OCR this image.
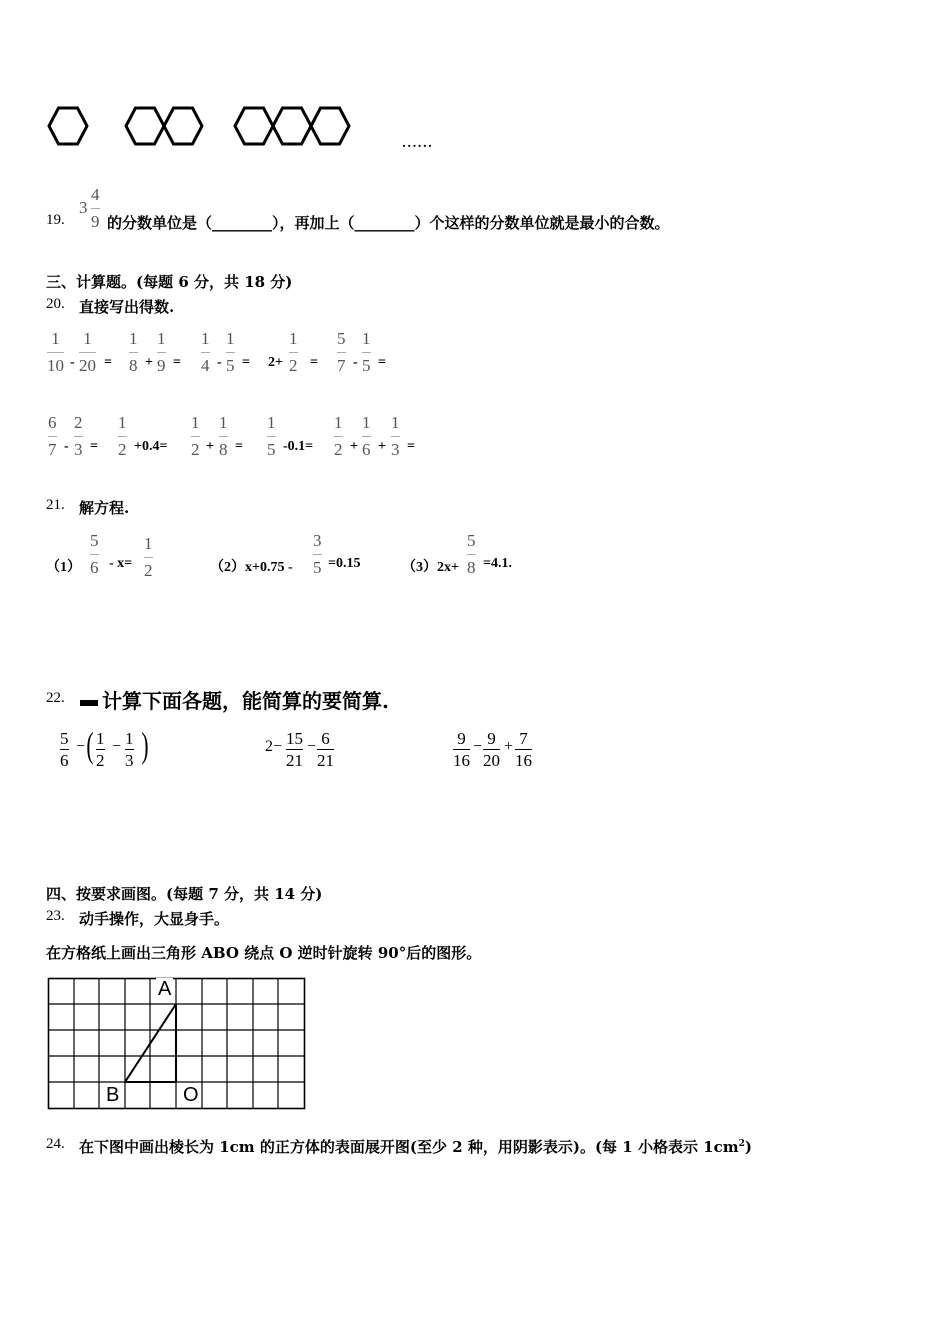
......
19.
$3 \frac{4}{9}$ 的分数单位是（________），再加上（________）个这样的分数单位就是最小的合数。
三、计算题。(每题 6 分，共 18 分)
20. 直接写出得数.
$\frac{1}{10} - \frac{1}{20} = \frac{1}{8} + \frac{1}{9} = \frac{1}{4} - \frac{1}{5} = 2+ \frac{1}{2} = \frac{5}{7} - \frac{1}{5}$ =
$\frac{6}{7} - \frac{2}{3} = \frac{1}{2} +0.4= \frac{1}{2} + \frac{1}{8} = \frac{1}{5} -0.1= \frac{1}{2} + \frac{1}{6} + \frac{1}{3}$ =
21. 解方程.
$(1) \frac{5}{6} - x= \frac{1}{2}$	$(2)x+0.75 - \frac{3}{5} =0.15$	$(3)2x+ \frac{5}{8} =4.1$.
22. 计算下面各题，能简算的要简算.
5
6
− ( 1
2
− 1
3 )	2− 15
21
− 6
21
9
16
− 9
20
+ 7
16
四、按要求画图。(每题 7 分，共 14 分)
23. 动手操作，大显身手。
在方格纸上画出三角形 ABO 绕点 O 逆时针旋转 90°后的图形。
A
B	O
24. 在下图中画出棱长为 1cm 的正方体的表面展开图(至少 2 种，用阴影表示)。(每 1 小格表示 $1cm^2$)
